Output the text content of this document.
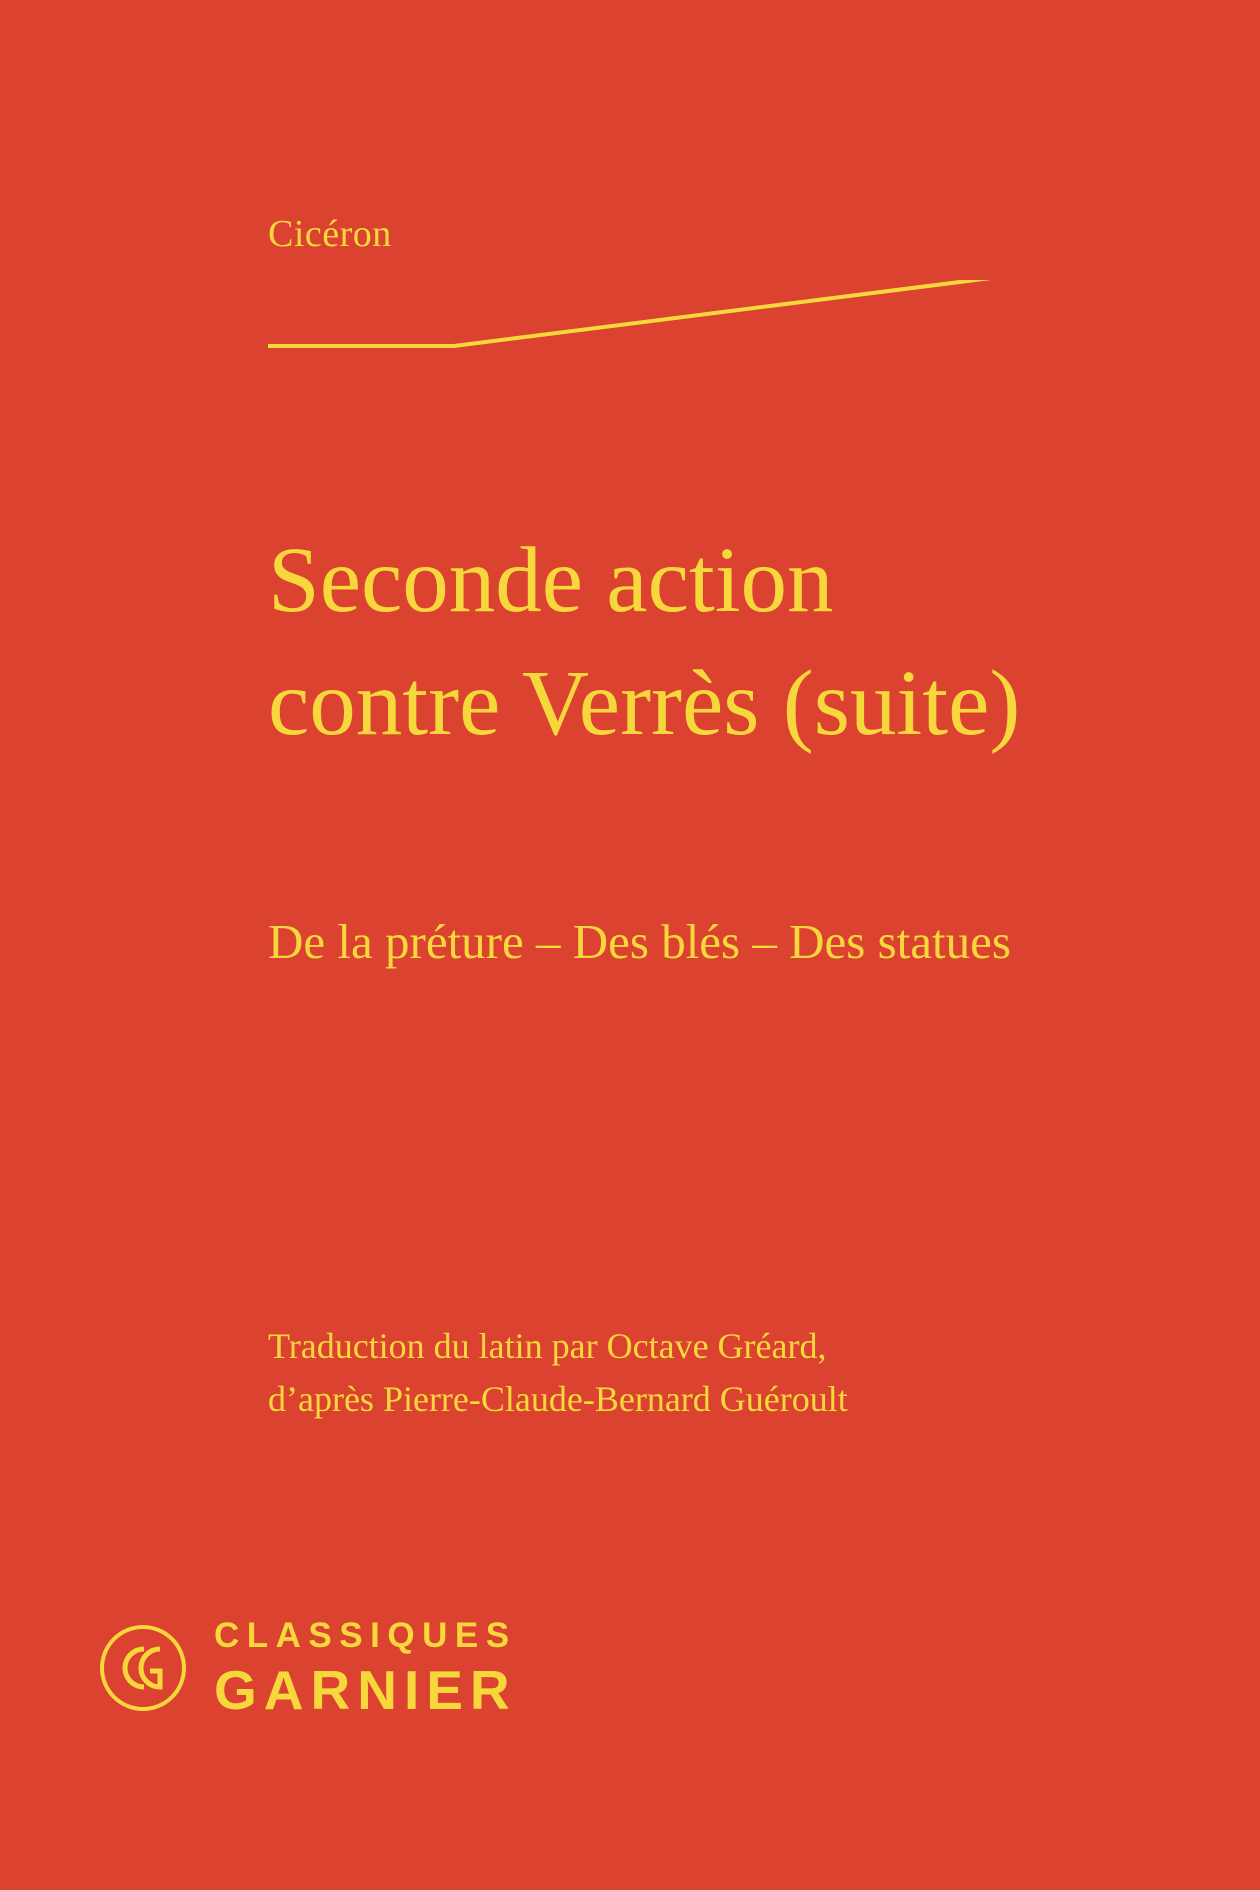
Cicéron
Seconde action
contre Verrès (suite)
De la préture – Des blés – Des statues
Traduction du latin par Octave Gréard,
d’après Pierre-Claude-Bernard Guéroult
CLASSIQUES
GARNIER
